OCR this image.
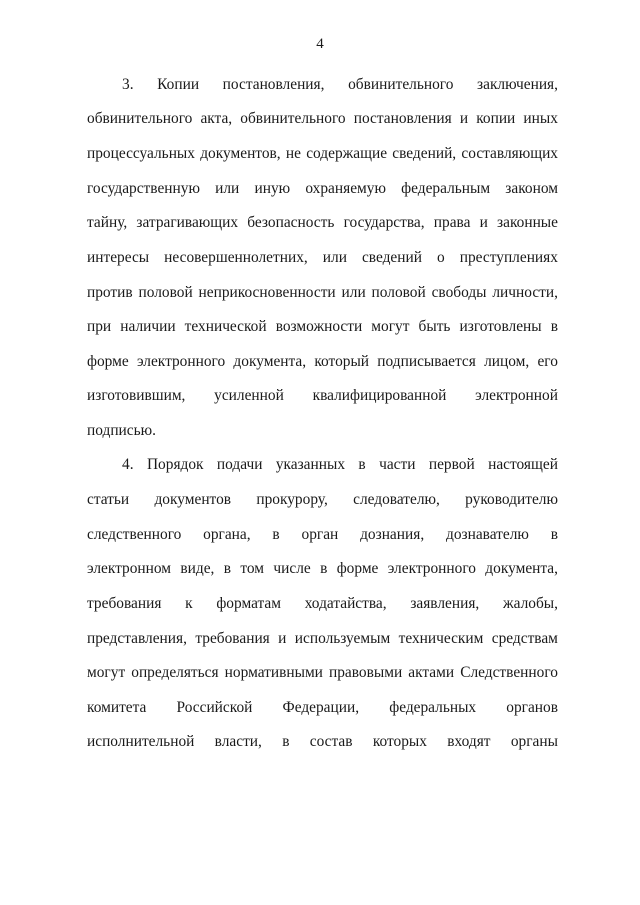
4
3. Копии постановления, обвинительного заключения,
обвинительного акта, обвинительного постановления и копии иных
процессуальных документов, не содержащие сведений, составляющих
государственную или иную охраняемую федеральным законом
тайну, затрагивающих безопасность государства, права и законные
интересы несовершеннолетних, или сведений о преступлениях
против половой неприкосновенности или половой свободы личности,
при наличии технической возможности могут быть изготовлены в
форме электронного документа, который подписывается лицом, его
изготовившим, усиленной квалифицированной электронной
подписью.
4. Порядок подачи указанных в части первой настоящей
статьи документов прокурору, следователю, руководителю
следственного органа, в орган дознания, дознавателю в
электронном виде, в том числе в форме электронного документа,
требования к форматам ходатайства, заявления, жалобы,
представления, требования и используемым техническим средствам
могут определяться нормативными правовыми актами Следственного
комитета Российской Федерации, федеральных органов
исполнительной власти, в состав которых входят органы
